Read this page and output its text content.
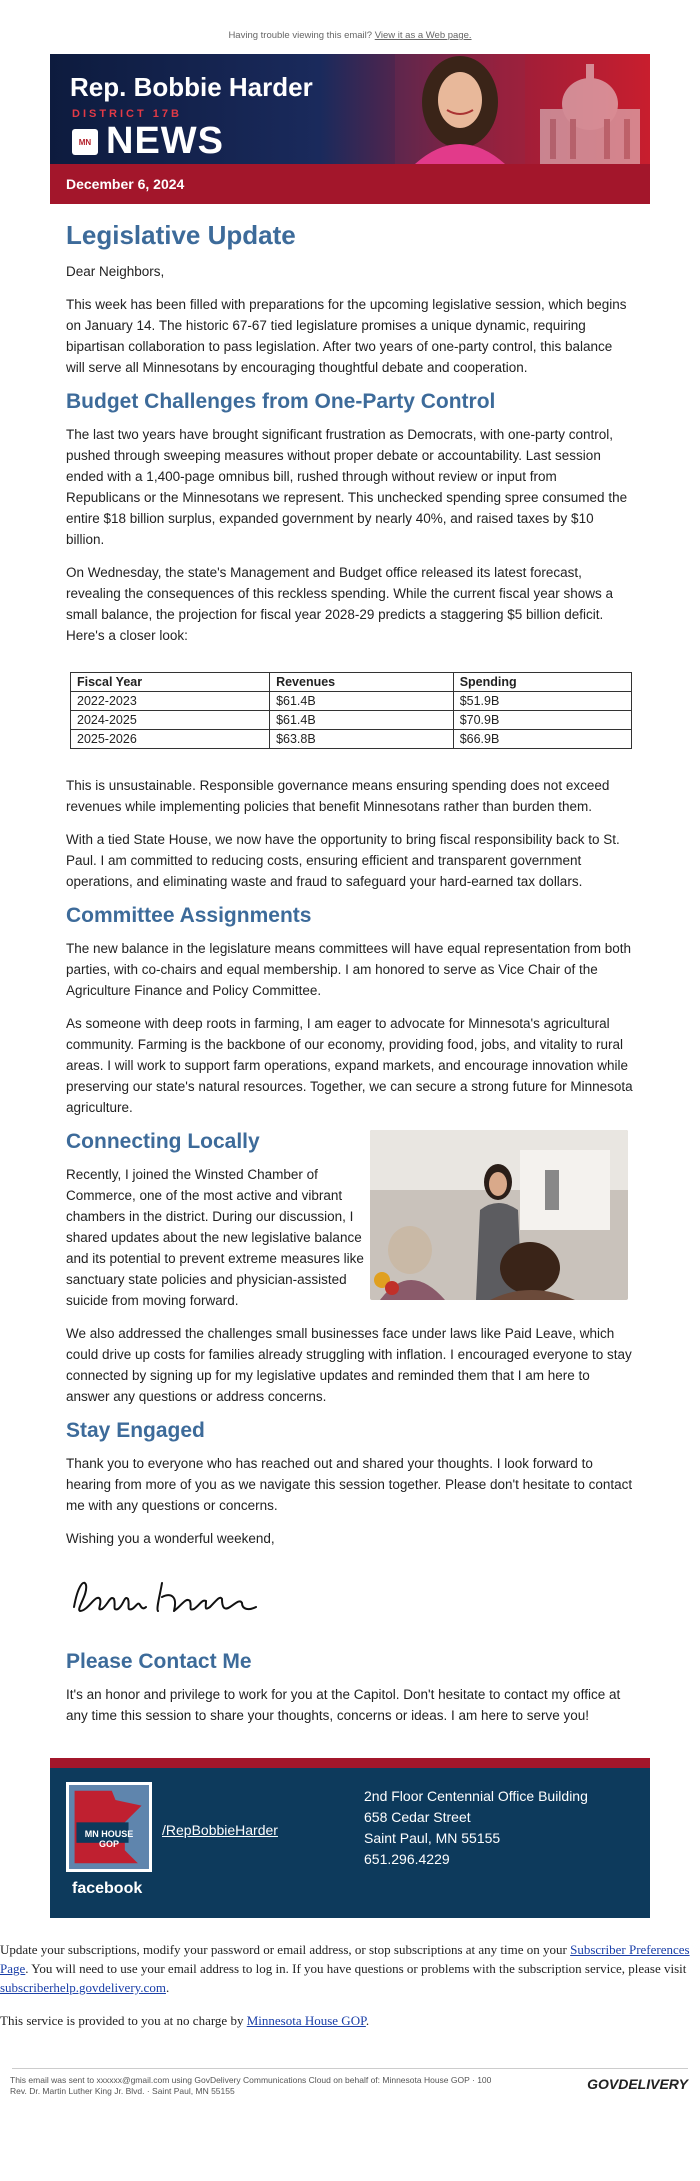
Having trouble viewing this email? View it as a Web page.
Rep. Bobbie Harder
DISTRICT 17B
MN NEWS
December 6, 2024
Legislative Update

Dear Neighbors,

This week has been filled with preparations for the upcoming legislative session, which begins on January 14. The historic 67-67 tied legislature promises a unique dynamic, requiring bipartisan collaboration to pass legislation. After two years of one-party control, this balance will serve all Minnesotans by encouraging thoughtful debate and cooperation.

Budget Challenges from One-Party Control

The last two years have brought significant frustration as Democrats, with one-party control, pushed through sweeping measures without proper debate or accountability. Last session ended with a 1,400-page omnibus bill, rushed through without review or input from Republicans or the Minnesotans we represent. This unchecked spending spree consumed the entire $18 billion surplus, expanded government by nearly 40%, and raised taxes by $10 billion.

On Wednesday, the state's Management and Budget office released its latest forecast, revealing the consequences of this reckless spending. While the current fiscal year shows a small balance, the projection for fiscal year 2028-29 predicts a staggering $5 billion deficit. Here's a closer look:

Fiscal Year	Revenues	Spending
2022-2023	$61.4B	$51.9B
2024-2025	$61.4B	$70.9B
2025-2026	$63.8B	$66.9B

This is unsustainable. Responsible governance means ensuring spending does not exceed revenues while implementing policies that benefit Minnesotans rather than burden them.

With a tied State House, we now have the opportunity to bring fiscal responsibility back to St. Paul. I am committed to reducing costs, ensuring efficient and transparent government operations, and eliminating waste and fraud to safeguard your hard-earned tax dollars.

Committee Assignments

The new balance in the legislature means committees will have equal representation from both parties, with co-chairs and equal membership. I am honored to serve as Vice Chair of the Agriculture Finance and Policy Committee.

As someone with deep roots in farming, I am eager to advocate for Minnesota's agricultural community. Farming is the backbone of our economy, providing food, jobs, and vitality to rural areas. I will work to support farm operations, expand markets, and encourage innovation while preserving our state's natural resources. Together, we can secure a strong future for Minnesota agriculture.

Connecting Locally

Recently, I joined the Winsted Chamber of Commerce, one of the most active and vibrant chambers in the district. During our discussion, I shared updates about the new legislative balance and its potential to prevent extreme measures like sanctuary state policies and physician-assisted suicide from moving forward.

We also addressed the challenges small businesses face under laws like Paid Leave, which could drive up costs for families already struggling with inflation. I encouraged everyone to stay connected by signing up for my legislative updates and reminded them that I am here to answer any questions or address concerns.

Stay Engaged

Thank you to everyone who has reached out and shared your thoughts. I look forward to hearing from more of you as we navigate this session together. Please don't hesitate to contact me with any questions or concerns.

Wishing you a wonderful weekend,

Please Contact Me

It's an honor and privilege to work for you at the Capitol. Don't hesitate to contact my office at any time this session to share your thoughts, concerns or ideas. I am here to serve you!

MN HOUSE GOP
facebook
/RepBobbieHarder
2nd Floor Centennial Office Building
658 Cedar Street
Saint Paul, MN 55155
651.296.4229

Update your subscriptions, modify your password or email address, or stop subscriptions at any time on your Subscriber Preferences Page. You will need to use your email address to log in. If you have questions or problems with the subscription service, please visit subscriberhelp.govdelivery.com.

This service is provided to you at no charge by Minnesota House GOP.

This email was sent to xxxxxx@gmail.com using GovDelivery Communications Cloud on behalf of: Minnesota House GOP · 100
Rev. Dr. Martin Luther King Jr. Blvd. · Saint Paul, MN 55155	GOVDELIVERY
